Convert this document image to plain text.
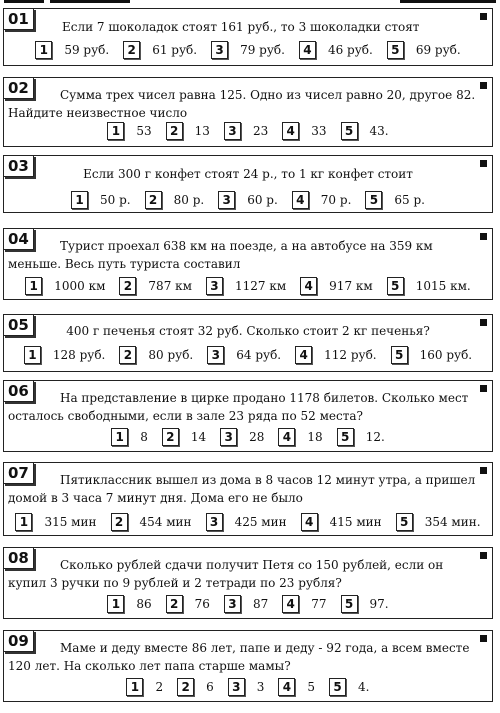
01	Если 7 шоколадок стоят 161 руб., то 3 шоколадки стоят

1	59 руб.	2	61 руб.	3	79 руб.	4	46 руб.	5	69 руб.
02	Сумма трех чисел равна 125. Одно из чисел равно 20, другое 82. Найдите неизвестное число

1	53	2	13	3	23	4	33	5	43.
03	Если 300 г конфет стоят 24 р., то 1 кг конфет стоит

1	50 р.	2	80 р.	3	60 р.	4	70 р.	5	65 р.
04	Турист проехал 638 км на поезде, а на автобусе на 359 км меньше. Весь путь туриста составил

1	1000 км	2	787 км	3	1127 км	4	917 км	5	1015 км.
05	400 г печенья стоят 32 руб. Сколько стоит 2 кг печенья?

1	128 руб.	2	80 руб.	3	64 руб.	4	112 руб.	5	160 руб.
06	На представление в цирке продано 1178 билетов. Сколько мест осталось свободными, если в зале 23 ряда по 52 места?

1	8	2	14	3	28	4	18	5	12.
07	Пятиклассник вышел из дома в 8 часов 12 минут утра, а пришел домой в 3 часа 7 минут дня. Дома его не было

1	315 мин	2	454 мин	3	425 мин	4	415 мин	5	354 мин.
08	Сколько рублей сдачи получит Петя со 150 рублей, если он купил 3 ручки по 9 рублей и 2 тетради по 23 рубля?

1	86	2	76	3	87	4	77	5	97.
09	Маме и деду вместе 86 лет, папе и деду - 92 года, а всем вместе 120 лет. На сколько лет папа старше мамы?

1	2	2	6	3	3	4	5	5	4.
